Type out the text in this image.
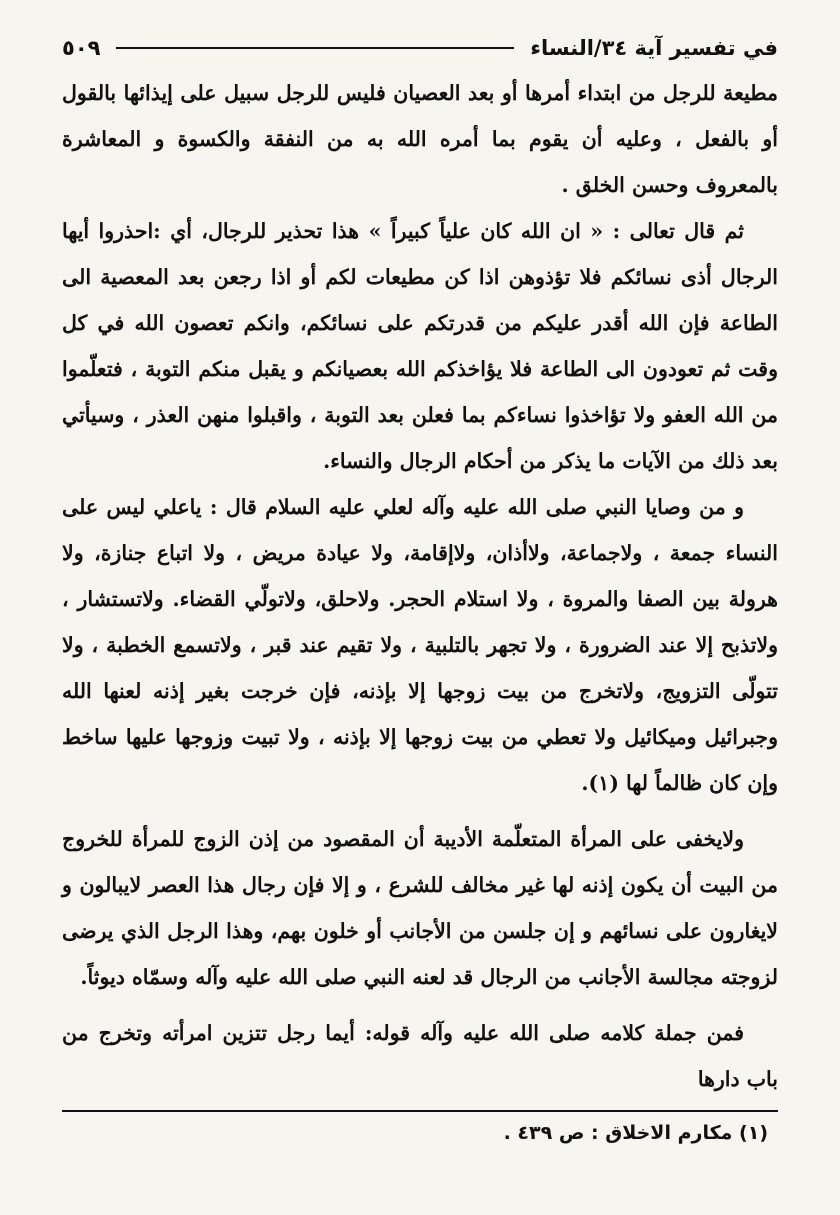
في تفسير آية ٣٤/النساء
٥٠٩

مطيعة للرجل من ابتداء أمرها أو بعد العصيان فليس للرجل سبيل على إيذائها بالقول أو بالفعل ، وعليه أن يقوم بما أمره الله به من النفقة والكسوة و المعاشرة بالمعروف وحسن الخلق .

ثم قال تعالى : « ان الله كان علياً كبيراً » هذا تحذير للرجال، أي :احذروا أيها الرجال أذى نسائكم فلا تؤذوهن اذا كن مطيعات لكم أو اذا رجعن بعد المعصية الى الطاعة فإن الله أقدر عليكم من قدرتكم على نسائكم، وانكم تعصون الله في كل وقت ثم تعودون الى الطاعة فلا يؤاخذكم الله بعصيانكم و يقبل منكم التوبة ، فتعلّموا من الله العفو ولا تؤاخذوا نساءكم بما فعلن بعد التوبة ، واقبلوا منهن العذر ، وسيأتي بعد ذلك من الآيات ما يذكر من أحكام الرجال والنساء.

و من وصايا النبي صلى الله عليه وآله لعلي عليه السلام قال : ياعلي ليس على النساء جمعة ، ولاجماعة، ولاأذان، ولاإقامة، ولا عيادة مريض ، ولا اتباع جنازة، ولا هرولة بين الصفا والمروة ، ولا استلام الحجر. ولاحلق، ولاتولّي القضاء. ولاتستشار ، ولاتذبح إلا عند الضرورة ، ولا تجهر بالتلبية ، ولا تقيم عند قبر ، ولاتسمع الخطبة ، ولا تتولّى التزويج، ولاتخرج من بيت زوجها إلا بإذنه، فإن خرجت بغير إذنه لعنها الله وجبرائيل وميكائيل ولا تعطي من بيت زوجها إلا بإذنه ، ولا تبيت وزوجها عليها ساخط وإن كان ظالماً لها (١).

ولايخفى على المرأة المتعلّمة الأديبة أن المقصود من إذن الزوج للمرأة للخروج من البيت أن يكون إذنه لها غير مخالف للشرع ، و إلا فإن رجال هذا العصر لايبالون و لايغارون على نسائهم و إن جلسن من الأجانب أو خلون بهم، وهذا الرجل الذي يرضى لزوجته مجالسة الأجانب من الرجال قد لعنه النبي صلى الله عليه وآله وسمّاه ديوثاً.

فمن جملة كلامه صلى الله عليه وآله قوله: أيما رجل تتزين امرأته وتخرج من باب دارها

(١) مكارم الاخلاق : ص ٤٣٩ .
